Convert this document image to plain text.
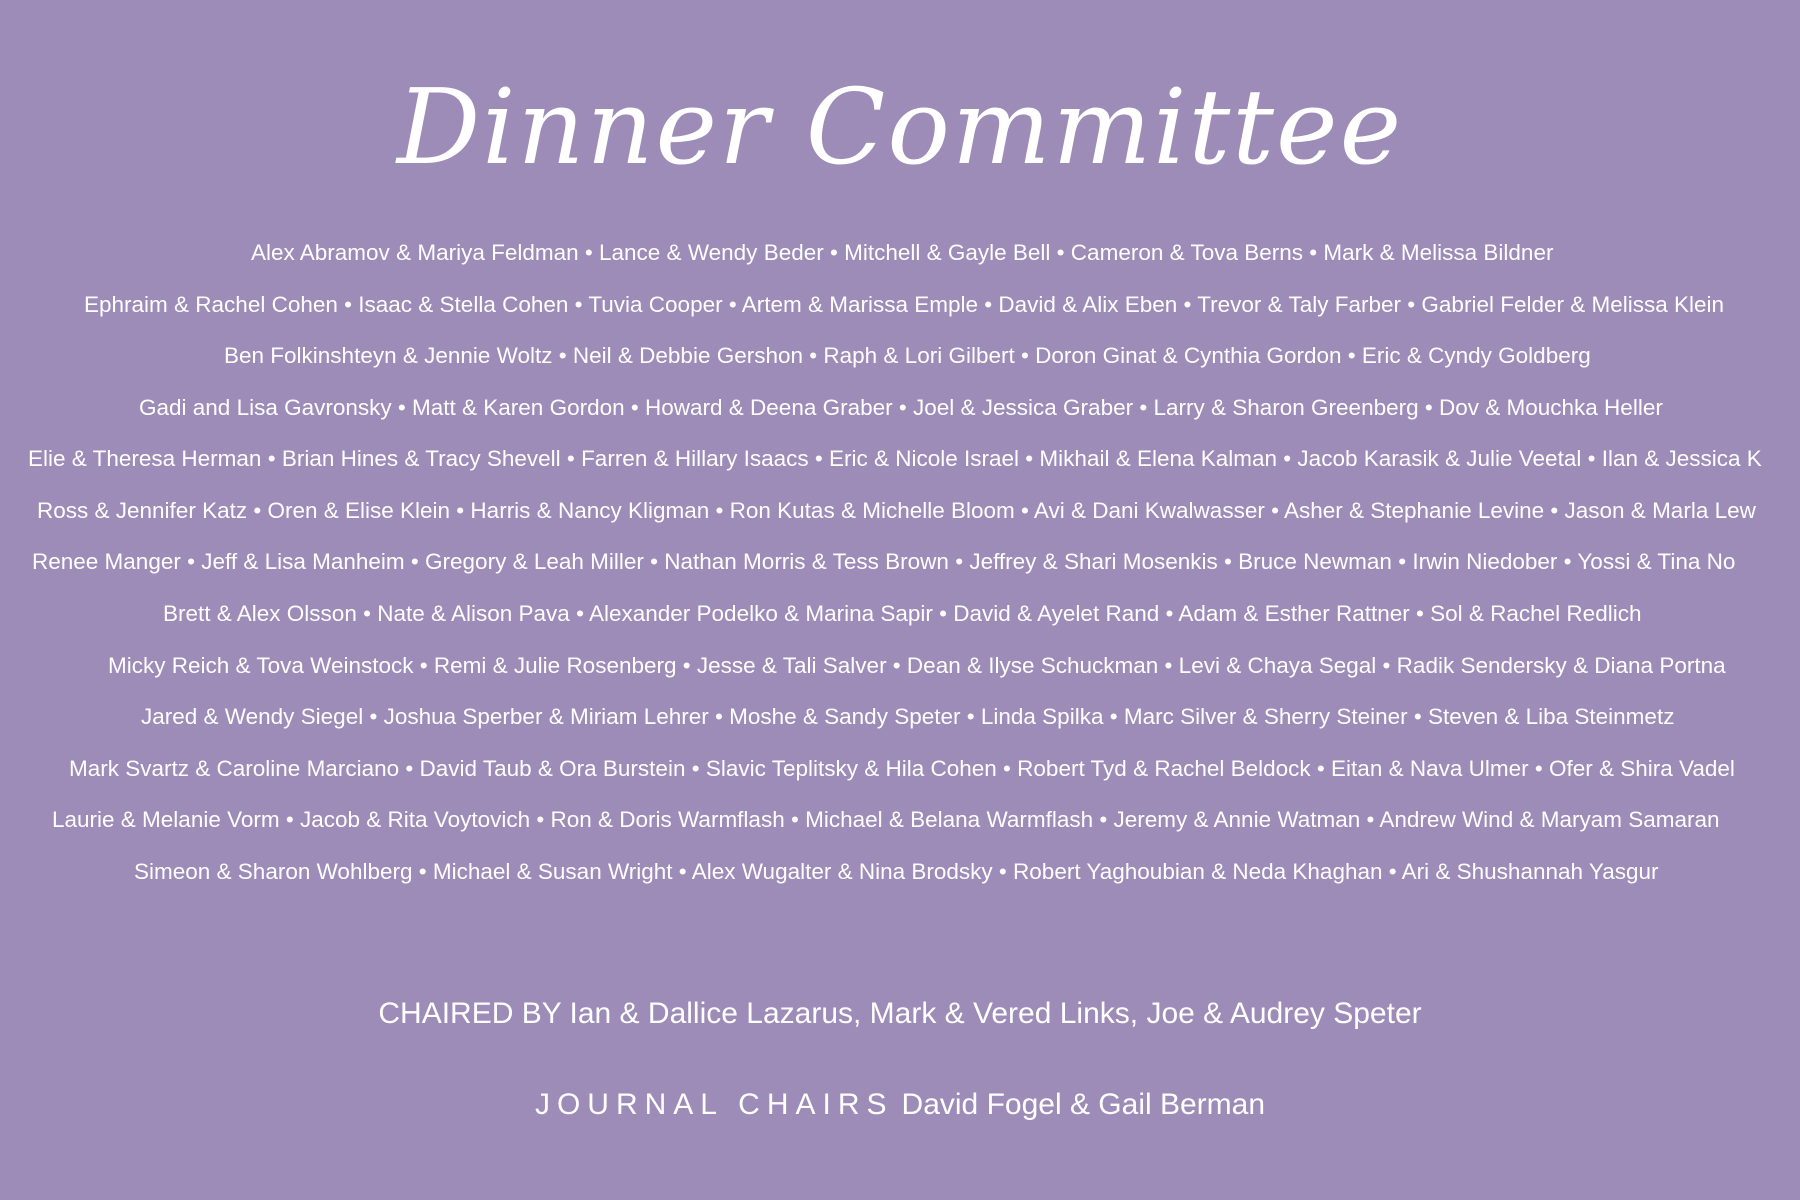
Dinner Committee
Alex Abramov & Mariya Feldman • Lance & Wendy Beder • Mitchell & Gayle Bell • Cameron & Tova Berns • Mark & Melissa Bildner
Ephraim & Rachel Cohen • Isaac & Stella Cohen • Tuvia Cooper • Artem & Marissa Emple • David & Alix Eben • Trevor & Taly Farber • Gabriel Felder & Melissa Klein
Ben Folkinshteyn & Jennie Woltz • Neil & Debbie Gershon • Raph & Lori Gilbert • Doron Ginat & Cynthia Gordon • Eric & Cyndy Goldberg
Gadi and Lisa Gavronsky • Matt & Karen Gordon • Howard & Deena Graber • Joel & Jessica Graber • Larry & Sharon Greenberg • Dov & Mouchka Heller
Elie & Theresa Herman • Brian Hines & Tracy Shevell • Farren & Hillary Isaacs • Eric & Nicole Israel • Mikhail & Elena Kalman • Jacob Karasik & Julie Veetal • Ilan & Jessica K
Ross & Jennifer Katz • Oren & Elise Klein • Harris & Nancy Kligman • Ron Kutas & Michelle Bloom • Avi & Dani Kwalwasser • Asher & Stephanie Levine • Jason & Marla Lew
Renee Manger • Jeff & Lisa Manheim • Gregory & Leah Miller • Nathan Morris & Tess Brown • Jeffrey & Shari Mosenkis • Bruce Newman • Irwin Niedober • Yossi & Tina No
Brett & Alex Olsson • Nate & Alison Pava • Alexander Podelko & Marina Sapir • David & Ayelet Rand • Adam & Esther Rattner • Sol & Rachel Redlich
Micky Reich & Tova Weinstock • Remi & Julie Rosenberg • Jesse & Tali Salver • Dean & Ilyse Schuckman • Levi & Chaya Segal • Radik Sendersky & Diana Portna
Jared & Wendy Siegel • Joshua Sperber & Miriam Lehrer • Moshe & Sandy Speter • Linda Spilka • Marc Silver & Sherry Steiner • Steven & Liba Steinmetz
Mark Svartz & Caroline Marciano • David Taub & Ora Burstein • Slavic Teplitsky & Hila Cohen • Robert Tyd & Rachel Beldock • Eitan & Nava Ulmer • Ofer & Shira Vadel
Laurie & Melanie Vorm • Jacob & Rita Voytovich • Ron & Doris Warmflash • Michael & Belana Warmflash • Jeremy & Annie Watman • Andrew Wind & Maryam Samaran
Simeon & Sharon Wohlberg • Michael & Susan Wright • Alex Wugalter & Nina Brodsky • Robert Yaghoubian & Neda Khaghan • Ari & Shushannah Yasgur
CHAIRED BY Ian & Dallice Lazarus, Mark & Vered Links, Joe & Audrey Speter
JOURNAL CHAIRS David Fogel & Gail Berman
